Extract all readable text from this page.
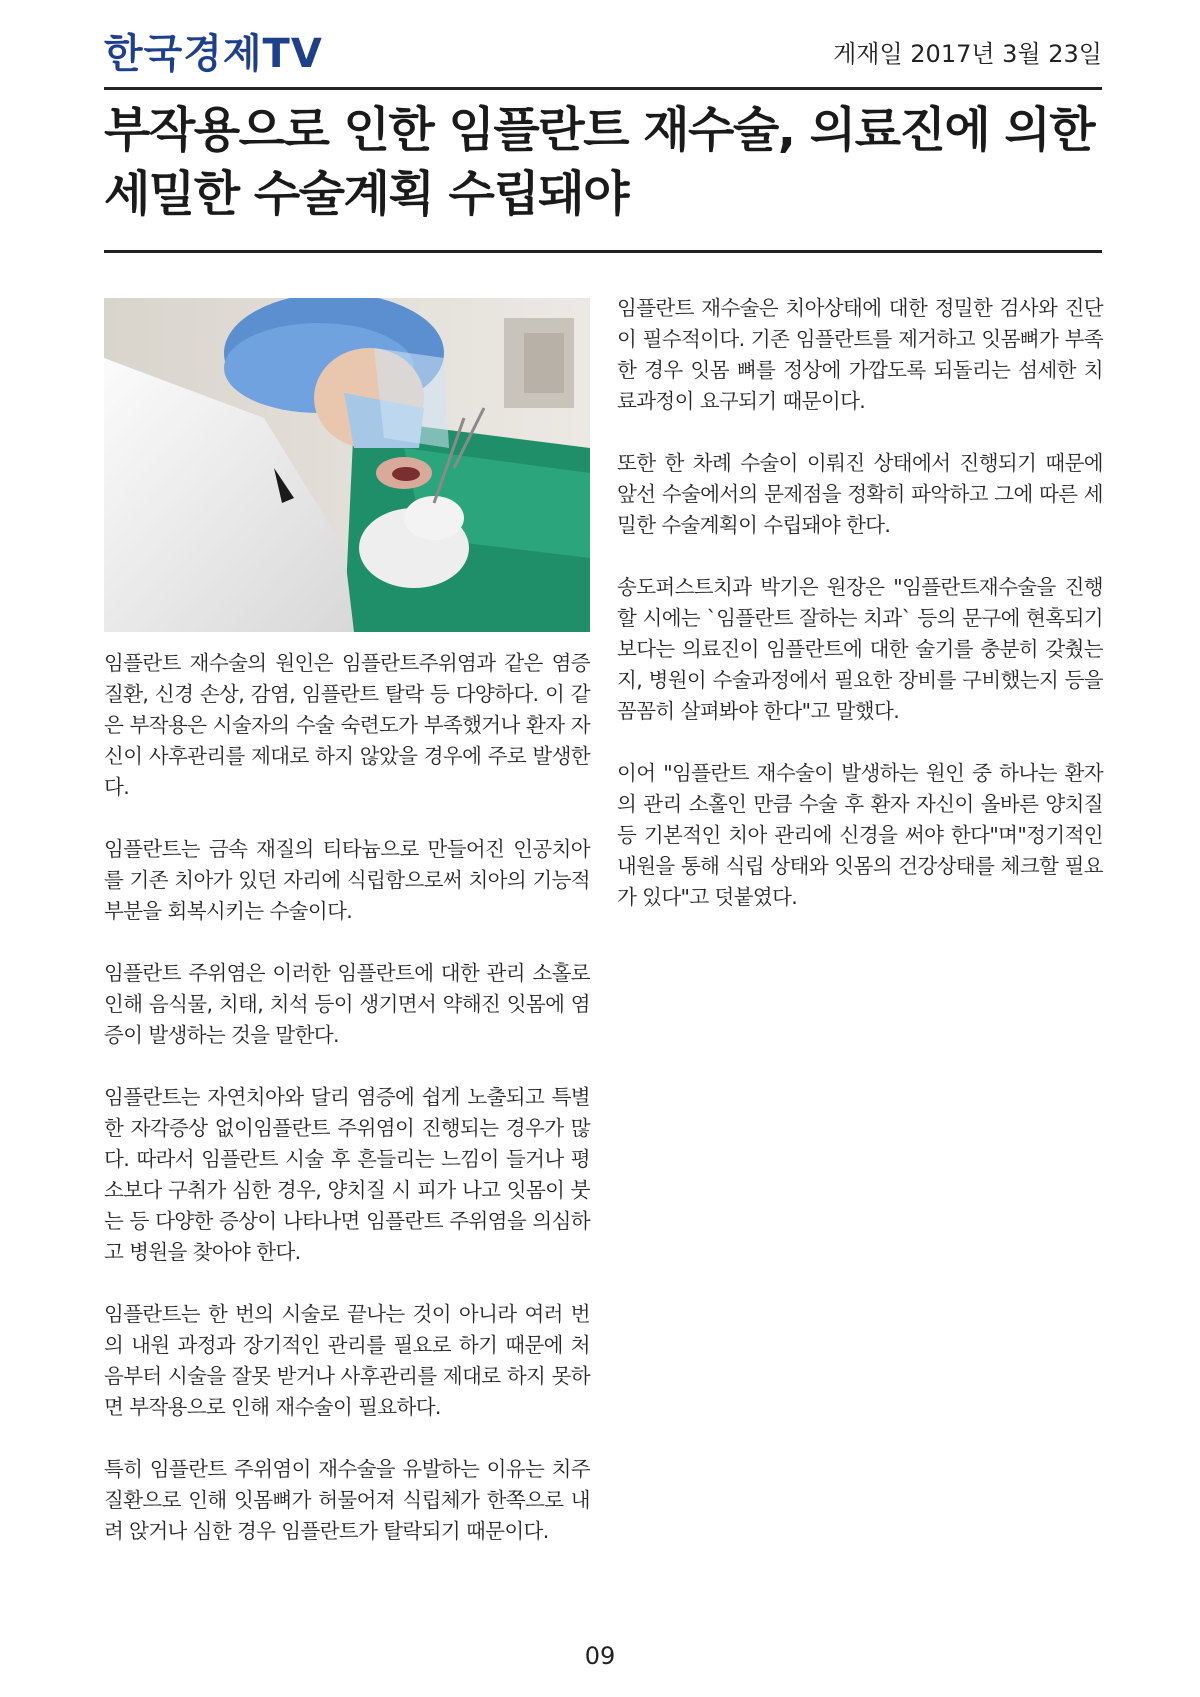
한국경제TV	게재일 2017년 3월 23일
부작용으로 인한 임플란트 재수술, 의료진에 의한 세밀한 수술계획 수립돼야

임플란트 재수술의 원인은 임플란트주위염과 같은 염증질환, 신경 손상, 감염, 임플란트 탈락 등 다양하다. 이 같은 부작용은 시술자의 수술 숙련도가 부족했거나 환자 자신이 사후관리를 제대로 하지 않았을 경우에 주로 발생한다.

임플란트는 금속 재질의 티타늄으로 만들어진 인공치아를 기존 치아가 있던 자리에 식립함으로써 치아의 기능적 부분을 회복시키는 수술이다.

임플란트 주위염은 이러한 임플란트에 대한 관리 소홀로 인해 음식물, 치태, 치석 등이 생기면서 약해진 잇몸에 염증이 발생하는 것을 말한다.

임플란트는 자연치아와 달리 염증에 쉽게 노출되고 특별한 자각증상 없이임플란트 주위염이 진행되는 경우가 많다. 따라서 임플란트 시술 후 흔들리는 느낌이 들거나 평소보다 구취가 심한 경우, 양치질 시 피가 나고 잇몸이 붓는 등 다양한 증상이 나타나면 임플란트 주위염을 의심하고 병원을 찾아야 한다.

임플란트는 한 번의 시술로 끝나는 것이 아니라 여러 번의 내원 과정과 장기적인 관리를 필요로 하기 때문에 처음부터 시술을 잘못 받거나 사후관리를 제대로 하지 못하면 부작용으로 인해 재수술이 필요하다.

특히 임플란트 주위염이 재수술을 유발하는 이유는 치주질환으로 인해 잇몸뼈가 허물어져 식립체가 한쪽으로 내려 앉거나 심한 경우 임플란트가 탈락되기 때문이다.

임플란트 재수술은 치아상태에 대한 정밀한 검사와 진단이 필수적이다. 기존 임플란트를 제거하고 잇몸뼈가 부족한 경우 잇몸 뼈를 정상에 가깝도록 되돌리는 섬세한 치료과정이 요구되기 때문이다.

또한 한 차례 수술이 이뤄진 상태에서 진행되기 때문에 앞선 수술에서의 문제점을 정확히 파악하고 그에 따른 세밀한 수술계획이 수립돼야 한다.

송도퍼스트치과 박기은 원장은 "임플란트재수술을 진행할 시에는 `임플란트 잘하는 치과` 등의 문구에 현혹되기보다는 의료진이 임플란트에 대한 술기를 충분히 갖췄는지, 병원이 수술과정에서 필요한 장비를 구비했는지 등을 꼼꼼히 살펴봐야 한다"고 말했다.

이어 "임플란트 재수술이 발생하는 원인 중 하나는 환자의 관리 소홀인 만큼 수술 후 환자 자신이 올바른 양치질 등 기본적인 치아 관리에 신경을 써야 한다"며"정기적인 내원을 통해 식립 상태와 잇몸의 건강상태를 체크할 필요가 있다"고 덧붙였다.

09
